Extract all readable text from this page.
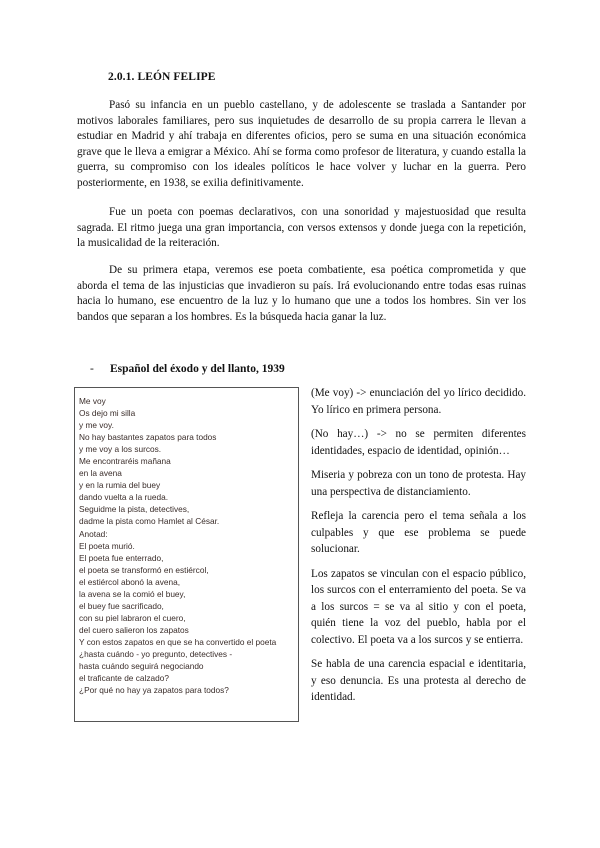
2.0.1. LEÓN FELIPE

Pasó su infancia en un pueblo castellano, y de adolescente se traslada a Santander por motivos laborales familiares, pero sus inquietudes de desarrollo de su propia carrera le llevan a estudiar en Madrid y ahí trabaja en diferentes oficios, pero se suma en una situación económica grave que le lleva a emigrar a México. Ahí se forma como profesor de literatura, y cuando estalla la guerra, su compromiso con los ideales políticos le hace volver y luchar en la guerra. Pero posteriormente, en 1938, se exilia definitivamente.

Fue un poeta con poemas declarativos, con una sonoridad y majestuosidad que resulta sagrada. El ritmo juega una gran importancia, con versos extensos y donde juega con la repetición, la musicalidad de la reiteración.

De su primera etapa, veremos ese poeta combatiente, esa poética comprometida y que aborda el tema de las injusticias que invadieron su país. Irá evolucionando entre todas esas ruinas hacia lo humano, ese encuentro de la luz y lo humano que une a todos los hombres. Sin ver los bandos que separan a los hombres. Es la búsqueda hacia ganar la luz.

- Español del éxodo y del llanto, 1939
Me voy
Os dejo mi silla
y me voy.
No hay bastantes zapatos para todos
y me voy a los surcos.
Me encontraréis mañana
en la avena
y en la rumia del buey
dando vuelta a la rueda.
Seguidme la pista, detectives,
dadme la pista como Hamlet al César.
Anotad:
El poeta murió.
El poeta fue enterrado,
el poeta se transformó en estiércol,
el estiércol abonó la avena,
la avena se la comió el buey,
el buey fue sacrificado,
con su piel labraron el cuero,
del cuero salieron los zapatos
Y con estos zapatos en que se ha convertido el poeta
¿hasta cuándo - yo pregunto, detectives -
hasta cuándo seguirá negociando
el traficante de calzado?
¿Por qué no hay ya zapatos para todos?

(Me voy) -> enunciación del yo lírico decidido. Yo lírico en primera persona.

(No hay…) -> no se permiten diferentes identidades, espacio de identidad, opinión…

Miseria y pobreza con un tono de protesta. Hay una perspectiva de distanciamiento.

Refleja la carencia pero el tema señala a los culpables y que ese problema se puede solucionar.

Los zapatos se vinculan con el espacio público, los surcos con el enterramiento del poeta. Se va a los surcos = se va al sitio y con el poeta, quién tiene la voz del pueblo, habla por el colectivo. El poeta va a los surcos y se entierra.

Se habla de una carencia espacial e identitaria, y eso denuncia. Es una protesta al derecho de identidad.
